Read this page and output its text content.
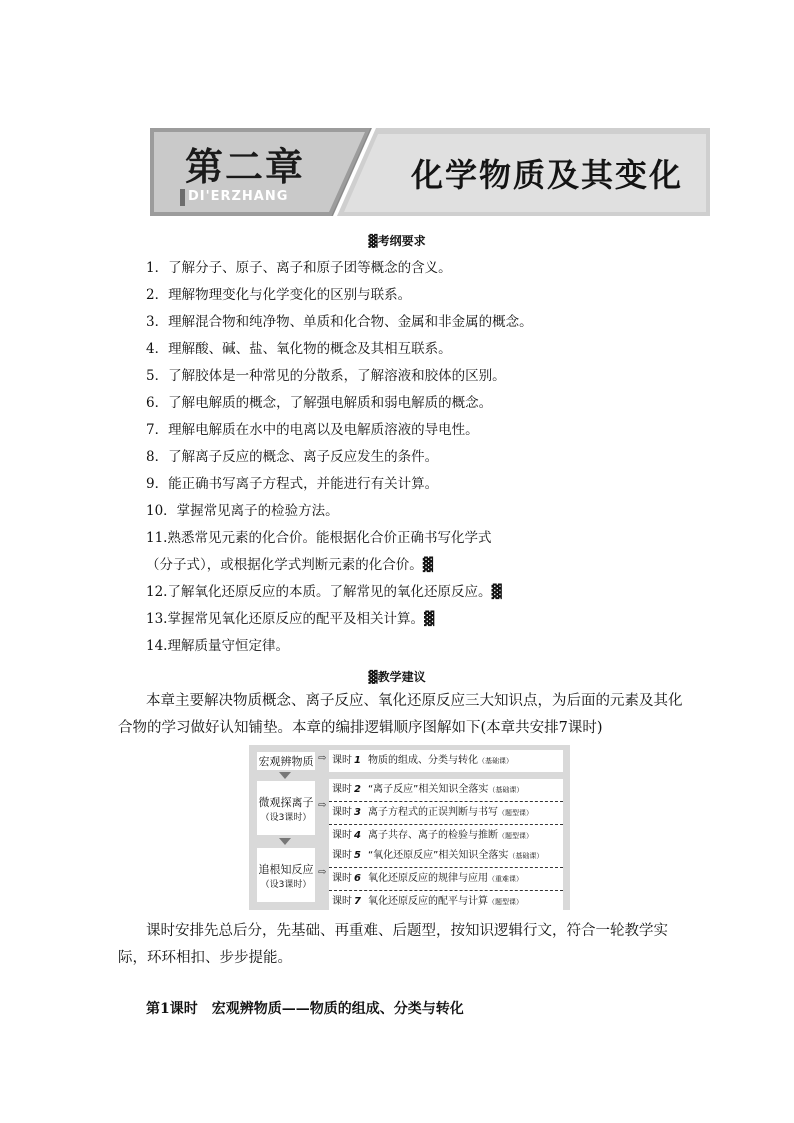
第二章
DI'ERZHANG
化学物质及其变化
▓考纲要求
1．了解分子、原子、离子和原子团等概念的含义。
2．理解物理变化与化学变化的区别与联系。
3．理解混合物和纯净物、单质和化合物、金属和非金属的概念。
4．理解酸、碱、盐、氧化物的概念及其相互联系。
5．了解胶体是一种常见的分散系，了解溶液和胶体的区别。
6．了解电解质的概念，了解强电解质和弱电解质的概念。
7．理解电解质在水中的电离以及电解质溶液的导电性。
8．了解离子反应的概念、离子反应发生的条件。
9．能正确书写离子方程式，并能进行有关计算。
10．掌握常见离子的检验方法。
11.熟悉常见元素的化合价。能根据化合价正确书写化学式
（分子式），或根据化学式判断元素的化合价。▓
12.了解氧化还原反应的本质。了解常见的氧化还原反应。▓
13.掌握常见氧化还原反应的配平及相关计算。▓
14.理解质量守恒定律。
▓教学建议

本章主要解决物质概念、离子反应、氧化还原反应三大知识点，为后面的元素及其化合物的学习做好认知铺垫。本章的编排逻辑顺序图解如下(本章共安排7课时)

宏观辨物质 ⇨
微观探离子
（设3课时）
⇨
追根知反应
（设3课时）
⇨
课时 1 物质的组成、分类与转化（基础课）
课时 2 “离子反应”相关知识全落实（基础课）
课时 3 离子方程式的正误判断与书写（题型课）
课时 4 离子共存、离子的检验与推断（题型课）
课时 5 “氧化还原反应”相关知识全落实（基础课）
课时 6 氧化还原反应的规律与应用（重难课）
课时 7 氧化还原反应的配平与计算（题型课）

课时安排先总后分，先基础、再重难、后题型，按知识逻辑行文，符合一轮教学实际，环环相扣、步步提能。

第1课时　宏观辨物质——物质的组成、分类与转化
